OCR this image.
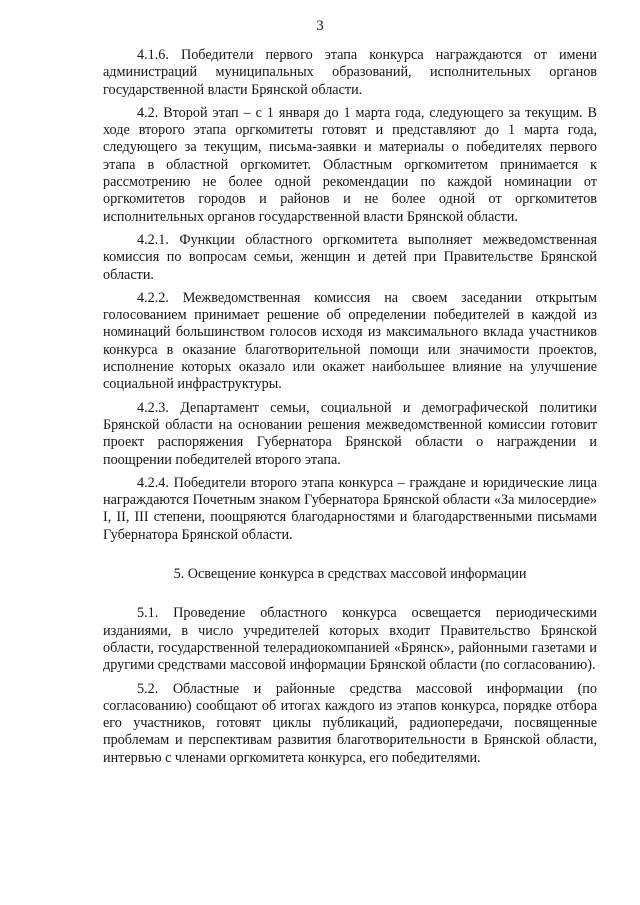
3

4.1.6. Победители первого этапа конкурса награждаются от имени администраций муниципальных образований, исполнительных органов государственной власти Брянской области.

4.2. Второй этап – с 1 января до 1 марта года, следующего за текущим. В ходе второго этапа оргкомитеты готовят и представляют до 1 марта года, следующего за текущим, письма-заявки и материалы о победителях первого этапа в областной оргкомитет. Областным оргкомитетом принимается к рассмотрению не более одной рекомендации по каждой номинации от оргкомитетов городов и районов и не более одной от оргкомитетов исполнительных органов государственной власти Брянской области.

4.2.1. Функции областного оргкомитета выполняет межведомственная комиссия по вопросам семьи, женщин и детей при Правительстве Брянской области.

4.2.2. Межведомственная комиссия на своем заседании открытым голосованием принимает решение об определении победителей в каждой из номинаций большинством голосов исходя из максимального вклада участников конкурса в оказание благотворительной помощи или значимости проектов, исполнение которых оказало или окажет наибольшее влияние на улучшение социальной инфраструктуры.

4.2.3. Департамент семьи, социальной и демографической политики Брянской области на основании решения межведомственной комиссии готовит проект распоряжения Губернатора Брянской области о награждении и поощрении победителей второго этапа.

4.2.4. Победители второго этапа конкурса – граждане и юридические лица награждаются Почетным знаком Губернатора Брянской области «За милосердие» I, II, III степени, поощряются благодарностями и благодарственными письмами Губернатора Брянской области.

5. Освещение конкурса в средствах массовой информации

5.1. Проведение областного конкурса освещается периодическими изданиями, в число учредителей которых входит Правительство Брянской области, государственной телерадиокомпанией «Брянск», районными газетами и другими средствами массовой информации Брянской области (по согласованию).

5.2. Областные и районные средства массовой информации (по согласованию) сообщают об итогах каждого из этапов конкурса, порядке отбора его участников, готовят циклы публикаций, радиопередачи, посвященные проблемам и перспективам развития благотворительности в Брянской области, интервью с членами оргкомитета конкурса, его победителями.
